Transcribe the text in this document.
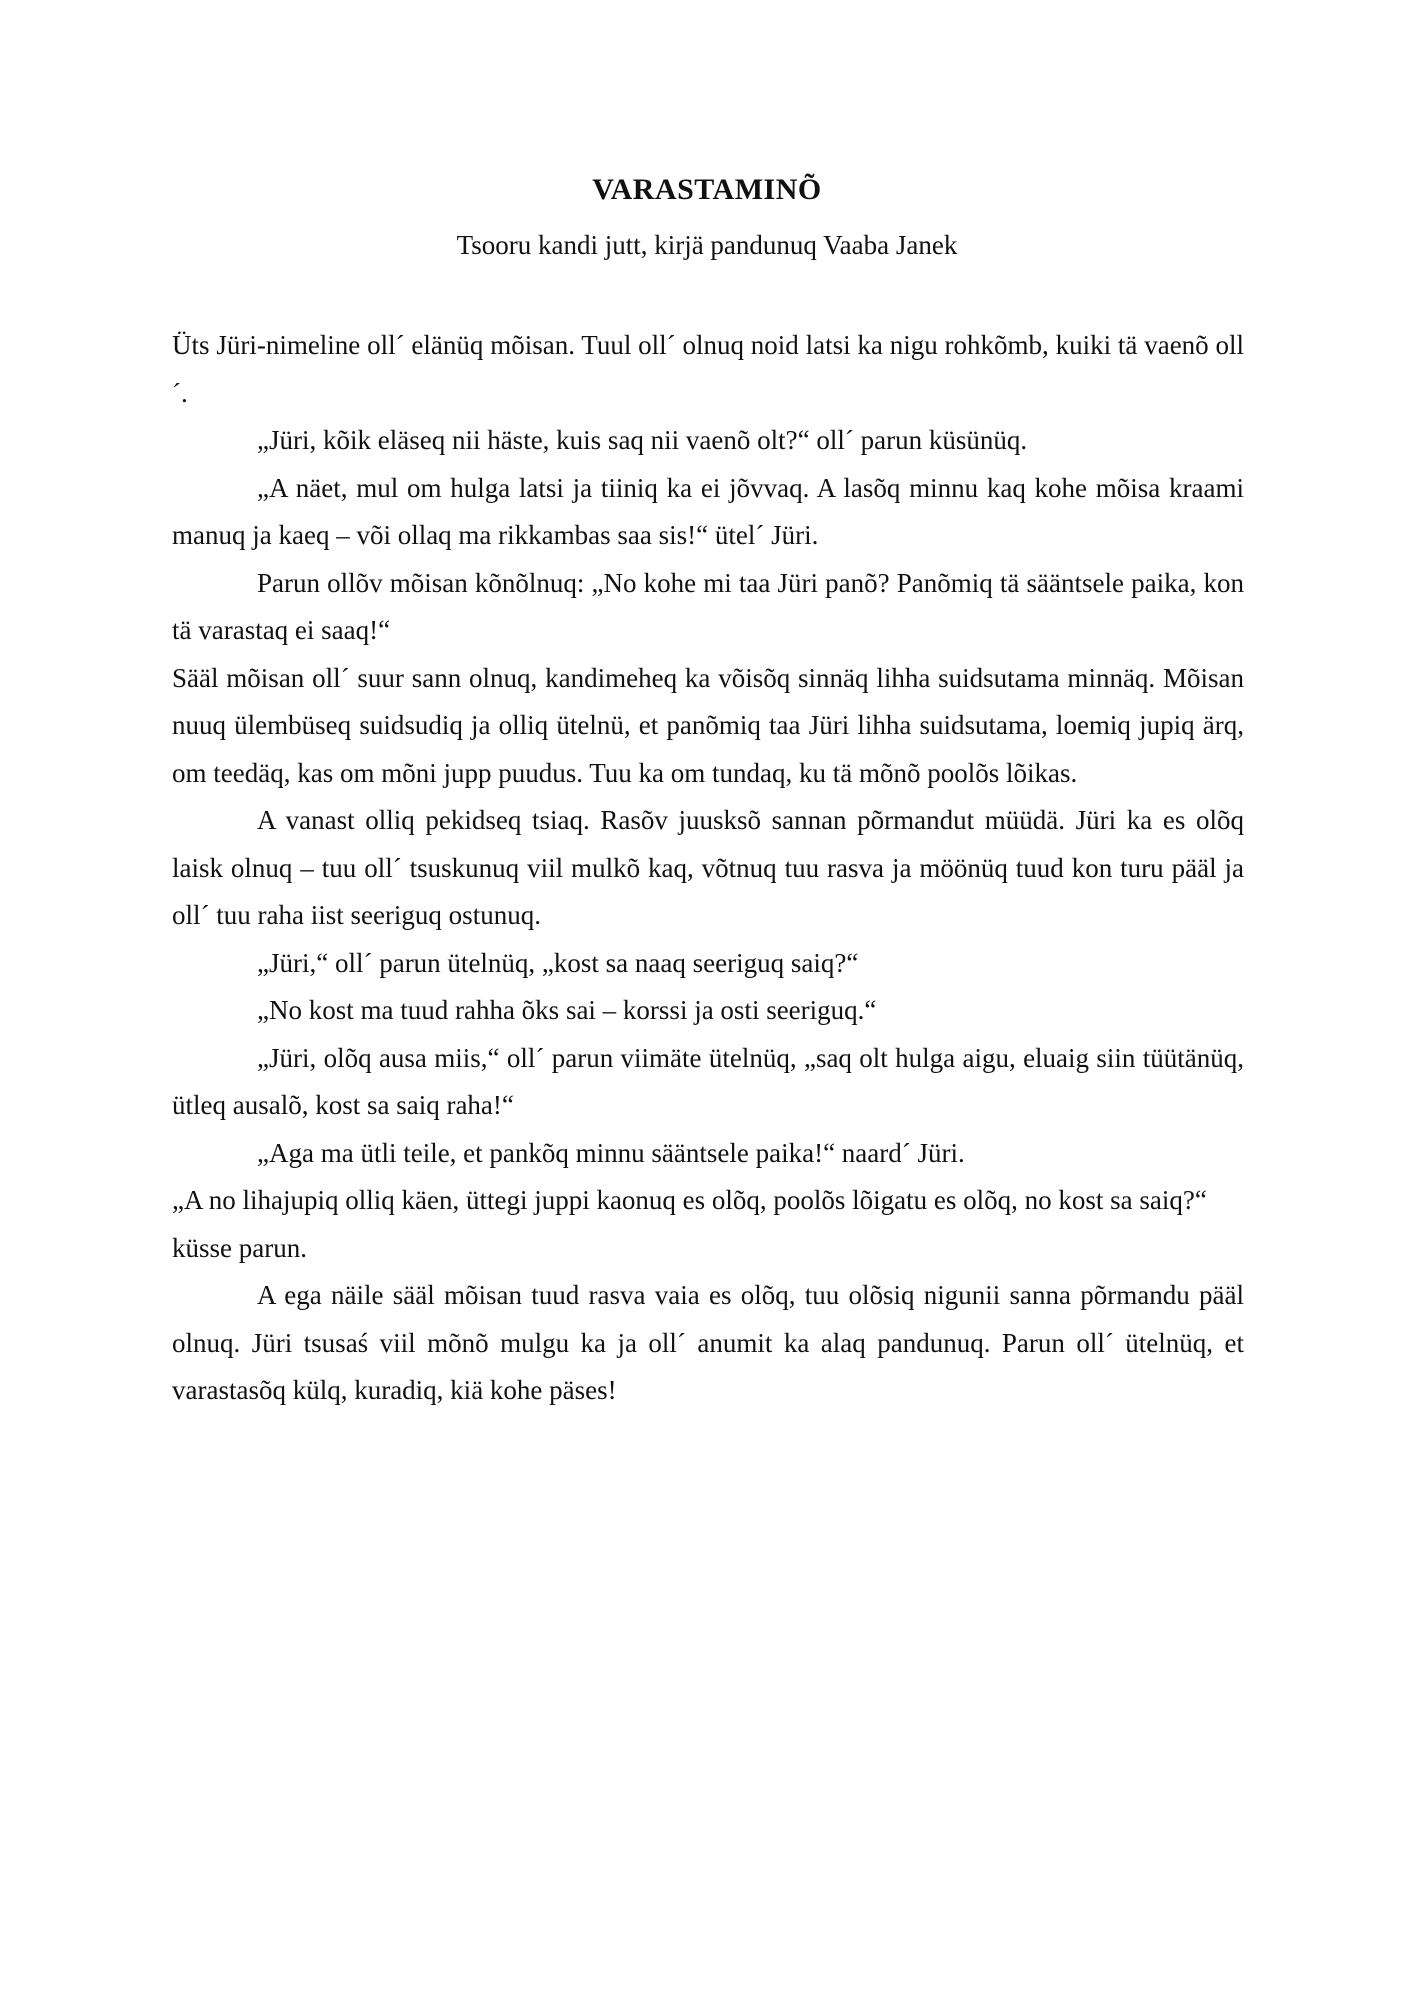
VARASTAMINÕ
Tsooru kandi jutt, kirjä pandunuq Vaaba Janek

Üts Jüri-nimeline oll´ elänüq mõisan. Tuul oll´ olnuq noid latsi ka nigu rohkõmb, kuiki tä vaenõ oll´.

„Jüri, kõik eläseq nii häste, kuis saq nii vaenõ olt?“ oll´ parun küsünüq.

„A näet, mul om hulga latsi ja tiiniq ka ei jõvvaq. A lasõq minnu kaq kohe mõisa kraami manuq ja kaeq – või ollaq ma rikkambas saa sis!“ ütel´ Jüri.

Parun ollõv mõisan kõnõlnuq: „No kohe mi taa Jüri panõ? Panõmiq tä sääntsele paika, kon tä varastaq ei saaq!“

Sääl mõisan oll´ suur sann olnuq, kandimeheq ka võisõq sinnäq lihha suidsutama minnäq. Mõisan nuuq ülembüseq suidsudiq ja olliq ütelnü, et panõmiq taa Jüri lihha suidsutama, loemiq jupiq ärq, om teedäq, kas om mõni jupp puudus. Tuu ka om tundaq, ku tä mõnõ poolõs lõikas.

A vanast olliq pekidseq tsiaq. Rasõv juusksõ sannan põrmandut müüdä. Jüri ka es olõq laisk olnuq – tuu oll´ tsuskunuq viil mulkõ kaq, võtnuq tuu rasva ja möönüq tuud kon turu pääl ja oll´ tuu raha iist seeriguq ostunuq.

„Jüri,“ oll´ parun ütelnüq, „kost sa naaq seeriguq saiq?“

„No kost ma tuud rahha õks sai – korssi ja osti seeriguq.“

„Jüri, olõq ausa miis,“ oll´ parun viimäte ütelnüq, „saq olt hulga aigu, eluaig siin tüütänüq, ütleq ausalõ, kost sa saiq raha!“

„Aga ma ütli teile, et pankõq minnu sääntsele paika!“ naard´ Jüri.

„A no lihajupiq olliq käen, üttegi juppi kaonuq es olõq, poolõs lõigatu es olõq, no kost sa saiq?“ küsse parun.

A ega näile sääl mõisan tuud rasva vaia es olõq, tuu olõsiq nigunii sanna põrmandu pääl olnuq. Jüri tsusaś viil mõnõ mulgu ka ja oll´ anumit ka alaq pandunuq. Parun oll´ ütelnüq, et varastasõq külq, kuradiq, kiä kohe päses!
